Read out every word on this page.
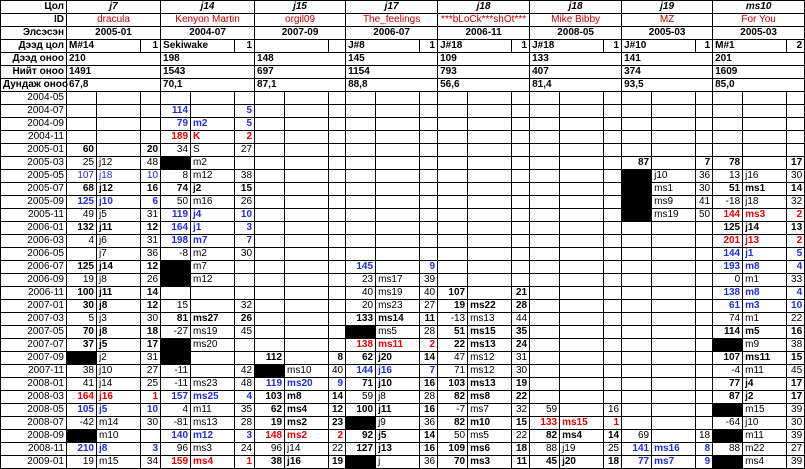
Цол	j7			j14			j15			j17			j18			j18			j19			ms10		
ID	dracula			Kenyon Martin			orgil09			The_feelings			***bLoCk***shOt***			Mike Bibby			MZ			For You		
Элсэсэн	2005-01			2004-07			2007-09			2006-07			2006-11			2008-05			2005-03			2005-03		
Дээд цол	M#14		1	Sekiwake		1				J#8		1	J#18		1	J#18		1	J#10		1	M#1		2
Дээд оноо	210			198			148			145			109			133			141			201		
Нийт оноо	1491			1543			697			1154			793			407			374			1609		
Дундаж оноо	67,8			70,1			87,1			88,8			56,6			81,4			93,5			85,0		
2004-05																								
2004-07				114		5																		
2004-09				79	m2	5																		
2004-11				189	K	2																		
2005-01	60		20	34	S	27																		
2005-03	25	j12	48		m2														87		7	78		17
2005-05	107	j18	10	8	m12	38														j10	36	13	j16	30
2005-07	68	j12	16	74	j2	15														ms1	30	51	ms1	14
2005-09	125	j10	6	50	m16	26														ms9	41	-18	j18	32
2005-11	49	j5	31	119	j4	10														ms19	50	144	ms3	2
2006-01	132	j11	12	164	j1	3																125	j14	13
2006-03	4	j6	31	198	m7	7																201	j13	2
2006-05		j7	36	-8	m2	30																144	j1	5
2006-07	125	j14	12		m7					145		9										193	m8	4
2006-09	19	j8	26		m12					23	ms17	39										0	m1	33
2006-11	100	j11	14							40	ms19	40	107		21							138	m8	4
2007-01	30	j8	12	15		32				20	ms23	27	19	ms22	28							61	m3	10
2007-03	5	j3	30	81	ms27	26				133	ms14	11	-13	ms13	44							74	m1	22
2007-05	70	j8	18	-27	ms19	45					ms5	28	51	ms15	35							114	m5	16
2007-07	37	j5	17		ms20					138	ms11	2	22	ms13	24								m9	38
2007-09		j2	31				112		8	62	j20	14	47	ms12	31							107	ms11	15
2007-11	38	j10	27	-11		42		ms10	40	144	j16	7	71	ms12	30							-4	m11	45
2008-01	41	j14	25	-11	ms23	48	119	ms20	9	71	j10	16	103	ms13	19							77	j4	17
2008-03	164	j16	1	157	ms25	4	103	m8	14	59	j8	28	82	ms8	22							87	j2	17
2008-05	105	j5	10	4	m11	35	62	ms4	12	100	j11	16	-7	ms7	32	59		16					m15	39
2008-07	-42	m14	30	-81	ms13	28	19	ms2	23		j9	36	82	m10	15	133	ms15	1				-64	j10	30
2008-09		m10		140	m12	3	148	ms2	2	92	j5	14	50	ms5	22	82	ms4	14	69		18		m11	39
2008-11	210	j8	3	96	ms3	24	96	j14	22	127	j13	16	109	ms6	18	88	j19	25	141	ms16	8	88	m22	27
2009-01	19	m15	34	159	ms4	1	38	j16	19		j	36	70	ms3	11	45	j20	18	77	ms7	9		ms4	39
